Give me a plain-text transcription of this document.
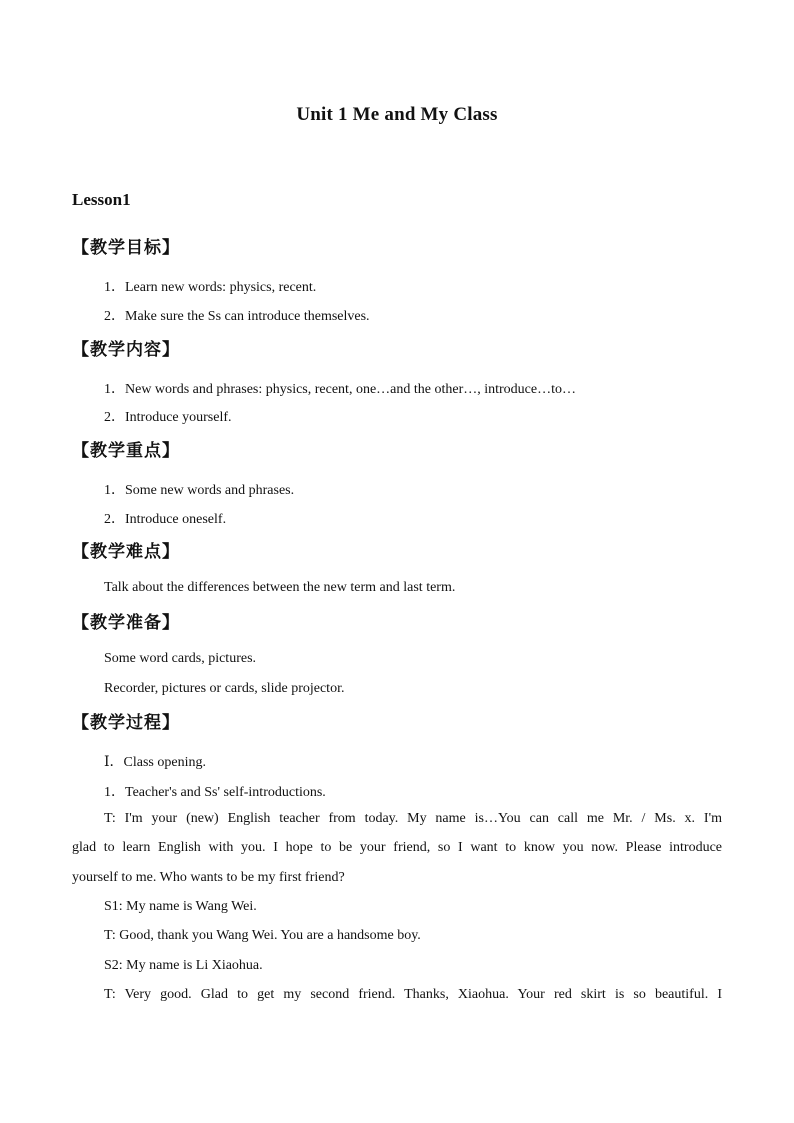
Unit 1 Me and My Class
Lesson1
【教学目标】
1．Learn new words: physics, recent.
2．Make sure the Ss can introduce themselves.
【教学内容】
1．New words and phrases: physics, recent, one…and the other…, introduce…to…
2．Introduce yourself.
【教学重点】
1．Some new words and phrases.
2．Introduce oneself.
【教学难点】
Talk about the differences between the new term and last term.
【教学准备】
Some word cards, pictures.
Recorder, pictures or cards, slide projector.
【教学过程】
Ⅰ．Class opening.
1．Teacher's and Ss' self-introductions.
T: I'm your (new) English teacher from today. My name is…You can call me Mr. / Ms. x. I'm
glad to learn English with you. I hope to be your friend, so I want to know you now. Please introduce
yourself to me. Who wants to be my first friend?
S1: My name is Wang Wei.
T: Good, thank you Wang Wei. You are a handsome boy.
S2: My name is Li Xiaohua.
T: Very good. Glad to get my second friend. Thanks, Xiaohua. Your red skirt is so beautiful. I
